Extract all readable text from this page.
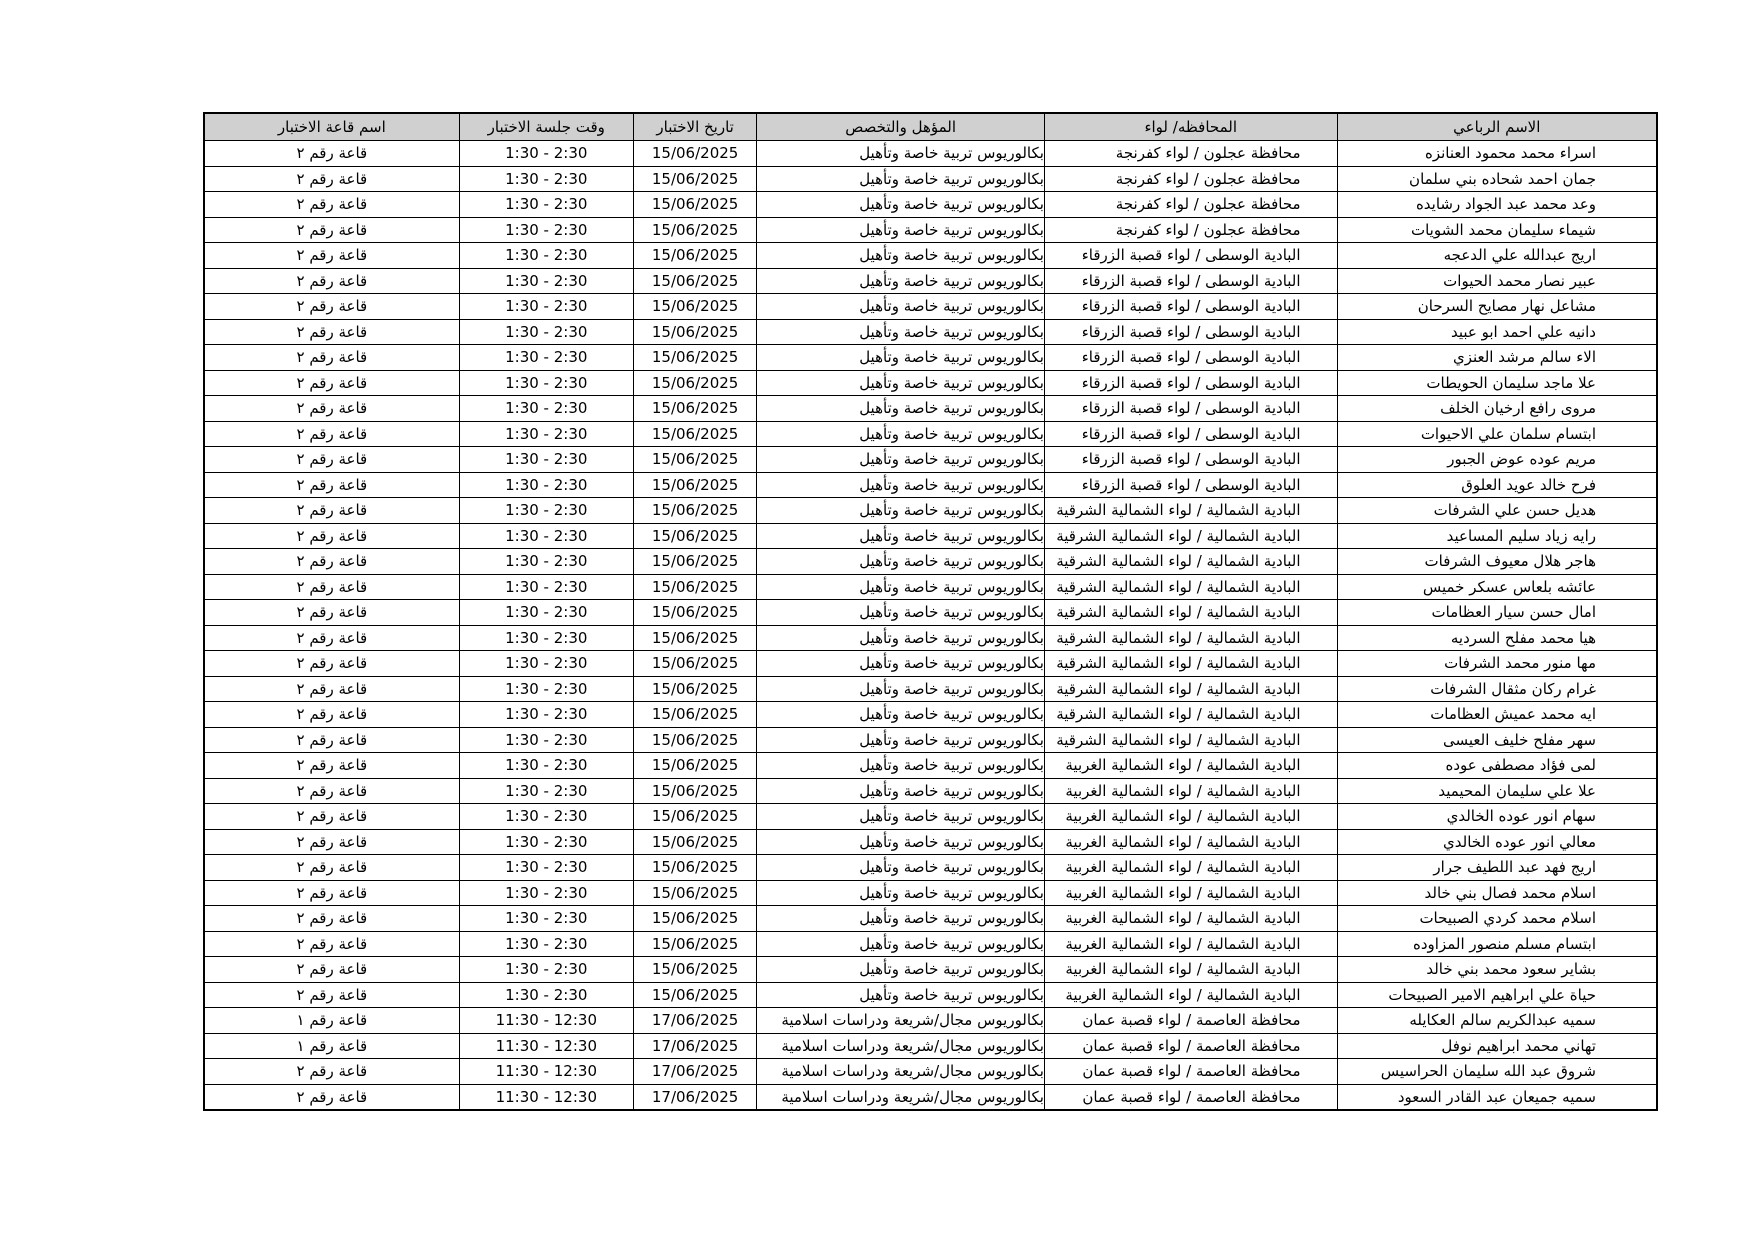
الاسم الرباعي	المحافظه/ لواء	المؤهل والتخصص	تاريخ الاختبار	وقت جلسة الاختبار	اسم قاعة الاختبار
اسراء محمد محمود العنانزه	محافظة عجلون / لواء كفرنجة	بكالوريوس تربية خاصة وتأهيل	15/06/2025	1:30 - 2:30	قاعة رقم ٢
جمان احمد شحاده بني سلمان	محافظة عجلون / لواء كفرنجة	بكالوريوس تربية خاصة وتأهيل	15/06/2025	1:30 - 2:30	قاعة رقم ٢
وعد محمد عبد الجواد رشايده	محافظة عجلون / لواء كفرنجة	بكالوريوس تربية خاصة وتأهيل	15/06/2025	1:30 - 2:30	قاعة رقم ٢
شيماء سليمان محمد الشويات	محافظة عجلون / لواء كفرنجة	بكالوريوس تربية خاصة وتأهيل	15/06/2025	1:30 - 2:30	قاعة رقم ٢
اريج عبدالله علي الدعجه	البادية الوسطى / لواء قصبة الزرقاء	بكالوريوس تربية خاصة وتأهيل	15/06/2025	1:30 - 2:30	قاعة رقم ٢
عبير نصار محمد الحيوات	البادية الوسطى / لواء قصبة الزرقاء	بكالوريوس تربية خاصة وتأهيل	15/06/2025	1:30 - 2:30	قاعة رقم ٢
مشاعل نهار مصايح السرحان	البادية الوسطى / لواء قصبة الزرقاء	بكالوريوس تربية خاصة وتأهيل	15/06/2025	1:30 - 2:30	قاعة رقم ٢
دانيه علي احمد ابو عبيد	البادية الوسطى / لواء قصبة الزرقاء	بكالوريوس تربية خاصة وتأهيل	15/06/2025	1:30 - 2:30	قاعة رقم ٢
الاء سالم مرشد العنزي	البادية الوسطى / لواء قصبة الزرقاء	بكالوريوس تربية خاصة وتأهيل	15/06/2025	1:30 - 2:30	قاعة رقم ٢
علا ماجد سليمان الحويطات	البادية الوسطى / لواء قصبة الزرقاء	بكالوريوس تربية خاصة وتأهيل	15/06/2025	1:30 - 2:30	قاعة رقم ٢
مروى رافع ارخيان الخلف	البادية الوسطى / لواء قصبة الزرقاء	بكالوريوس تربية خاصة وتأهيل	15/06/2025	1:30 - 2:30	قاعة رقم ٢
ابتسام سلمان علي الاحيوات	البادية الوسطى / لواء قصبة الزرقاء	بكالوريوس تربية خاصة وتأهيل	15/06/2025	1:30 - 2:30	قاعة رقم ٢
مريم عوده عوض الجبور	البادية الوسطى / لواء قصبة الزرقاء	بكالوريوس تربية خاصة وتأهيل	15/06/2025	1:30 - 2:30	قاعة رقم ٢
فرح خالد عويد العلوق	البادية الوسطى / لواء قصبة الزرقاء	بكالوريوس تربية خاصة وتأهيل	15/06/2025	1:30 - 2:30	قاعة رقم ٢
هديل حسن علي الشرفات	البادية الشمالية / لواء الشمالية الشرقية	بكالوريوس تربية خاصة وتأهيل	15/06/2025	1:30 - 2:30	قاعة رقم ٢
رايه زياد سليم المساعيد	البادية الشمالية / لواء الشمالية الشرقية	بكالوريوس تربية خاصة وتأهيل	15/06/2025	1:30 - 2:30	قاعة رقم ٢
هاجر هلال معيوف الشرفات	البادية الشمالية / لواء الشمالية الشرقية	بكالوريوس تربية خاصة وتأهيل	15/06/2025	1:30 - 2:30	قاعة رقم ٢
عائشه بلعاس عسكر خميس	البادية الشمالية / لواء الشمالية الشرقية	بكالوريوس تربية خاصة وتأهيل	15/06/2025	1:30 - 2:30	قاعة رقم ٢
امال حسن سيار العظامات	البادية الشمالية / لواء الشمالية الشرقية	بكالوريوس تربية خاصة وتأهيل	15/06/2025	1:30 - 2:30	قاعة رقم ٢
هيا محمد مفلح السرديه	البادية الشمالية / لواء الشمالية الشرقية	بكالوريوس تربية خاصة وتأهيل	15/06/2025	1:30 - 2:30	قاعة رقم ٢
مها منور محمد الشرفات	البادية الشمالية / لواء الشمالية الشرقية	بكالوريوس تربية خاصة وتأهيل	15/06/2025	1:30 - 2:30	قاعة رقم ٢
غرام ركان مثقال الشرفات	البادية الشمالية / لواء الشمالية الشرقية	بكالوريوس تربية خاصة وتأهيل	15/06/2025	1:30 - 2:30	قاعة رقم ٢
ايه محمد عميش العظامات	البادية الشمالية / لواء الشمالية الشرقية	بكالوريوس تربية خاصة وتأهيل	15/06/2025	1:30 - 2:30	قاعة رقم ٢
سهر مفلح خليف العيسى	البادية الشمالية / لواء الشمالية الشرقية	بكالوريوس تربية خاصة وتأهيل	15/06/2025	1:30 - 2:30	قاعة رقم ٢
لمى فؤاد مصطفى عوده	البادية الشمالية / لواء الشمالية الغربية	بكالوريوس تربية خاصة وتأهيل	15/06/2025	1:30 - 2:30	قاعة رقم ٢
علا علي سليمان المحيميد	البادية الشمالية / لواء الشمالية الغربية	بكالوريوس تربية خاصة وتأهيل	15/06/2025	1:30 - 2:30	قاعة رقم ٢
سهام انور عوده الخالدي	البادية الشمالية / لواء الشمالية الغربية	بكالوريوس تربية خاصة وتأهيل	15/06/2025	1:30 - 2:30	قاعة رقم ٢
معالي انور عوده الخالدي	البادية الشمالية / لواء الشمالية الغربية	بكالوريوس تربية خاصة وتأهيل	15/06/2025	1:30 - 2:30	قاعة رقم ٢
اريج فهد عبد اللطيف جرار	البادية الشمالية / لواء الشمالية الغربية	بكالوريوس تربية خاصة وتأهيل	15/06/2025	1:30 - 2:30	قاعة رقم ٢
اسلام محمد فصال بني خالد	البادية الشمالية / لواء الشمالية الغربية	بكالوريوس تربية خاصة وتأهيل	15/06/2025	1:30 - 2:30	قاعة رقم ٢
اسلام محمد كردي الصبيحات	البادية الشمالية / لواء الشمالية الغربية	بكالوريوس تربية خاصة وتأهيل	15/06/2025	1:30 - 2:30	قاعة رقم ٢
ابتسام مسلم منصور المزاوده	البادية الشمالية / لواء الشمالية الغربية	بكالوريوس تربية خاصة وتأهيل	15/06/2025	1:30 - 2:30	قاعة رقم ٢
بشاير سعود محمد بني خالد	البادية الشمالية / لواء الشمالية الغربية	بكالوريوس تربية خاصة وتأهيل	15/06/2025	1:30 - 2:30	قاعة رقم ٢
حياة علي ابراهيم الامير الصبيحات	البادية الشمالية / لواء الشمالية الغربية	بكالوريوس تربية خاصة وتأهيل	15/06/2025	1:30 - 2:30	قاعة رقم ٢
سميه عبدالكريم سالم العكايله	محافظة العاصمة / لواء قصبة عمان	بكالوريوس مجال/شريعة ودراسات اسلامية	17/06/2025	11:30 - 12:30	قاعة رقم ١
تهاني محمد ابراهيم نوفل	محافظة العاصمة / لواء قصبة عمان	بكالوريوس مجال/شريعة ودراسات اسلامية	17/06/2025	11:30 - 12:30	قاعة رقم ١
شروق عبد الله سليمان الحراسيس	محافظة العاصمة / لواء قصبة عمان	بكالوريوس مجال/شريعة ودراسات اسلامية	17/06/2025	11:30 - 12:30	قاعة رقم ٢
سميه جميعان عبد القادر السعود	محافظة العاصمة / لواء قصبة عمان	بكالوريوس مجال/شريعة ودراسات اسلامية	17/06/2025	11:30 - 12:30	قاعة رقم ٢
